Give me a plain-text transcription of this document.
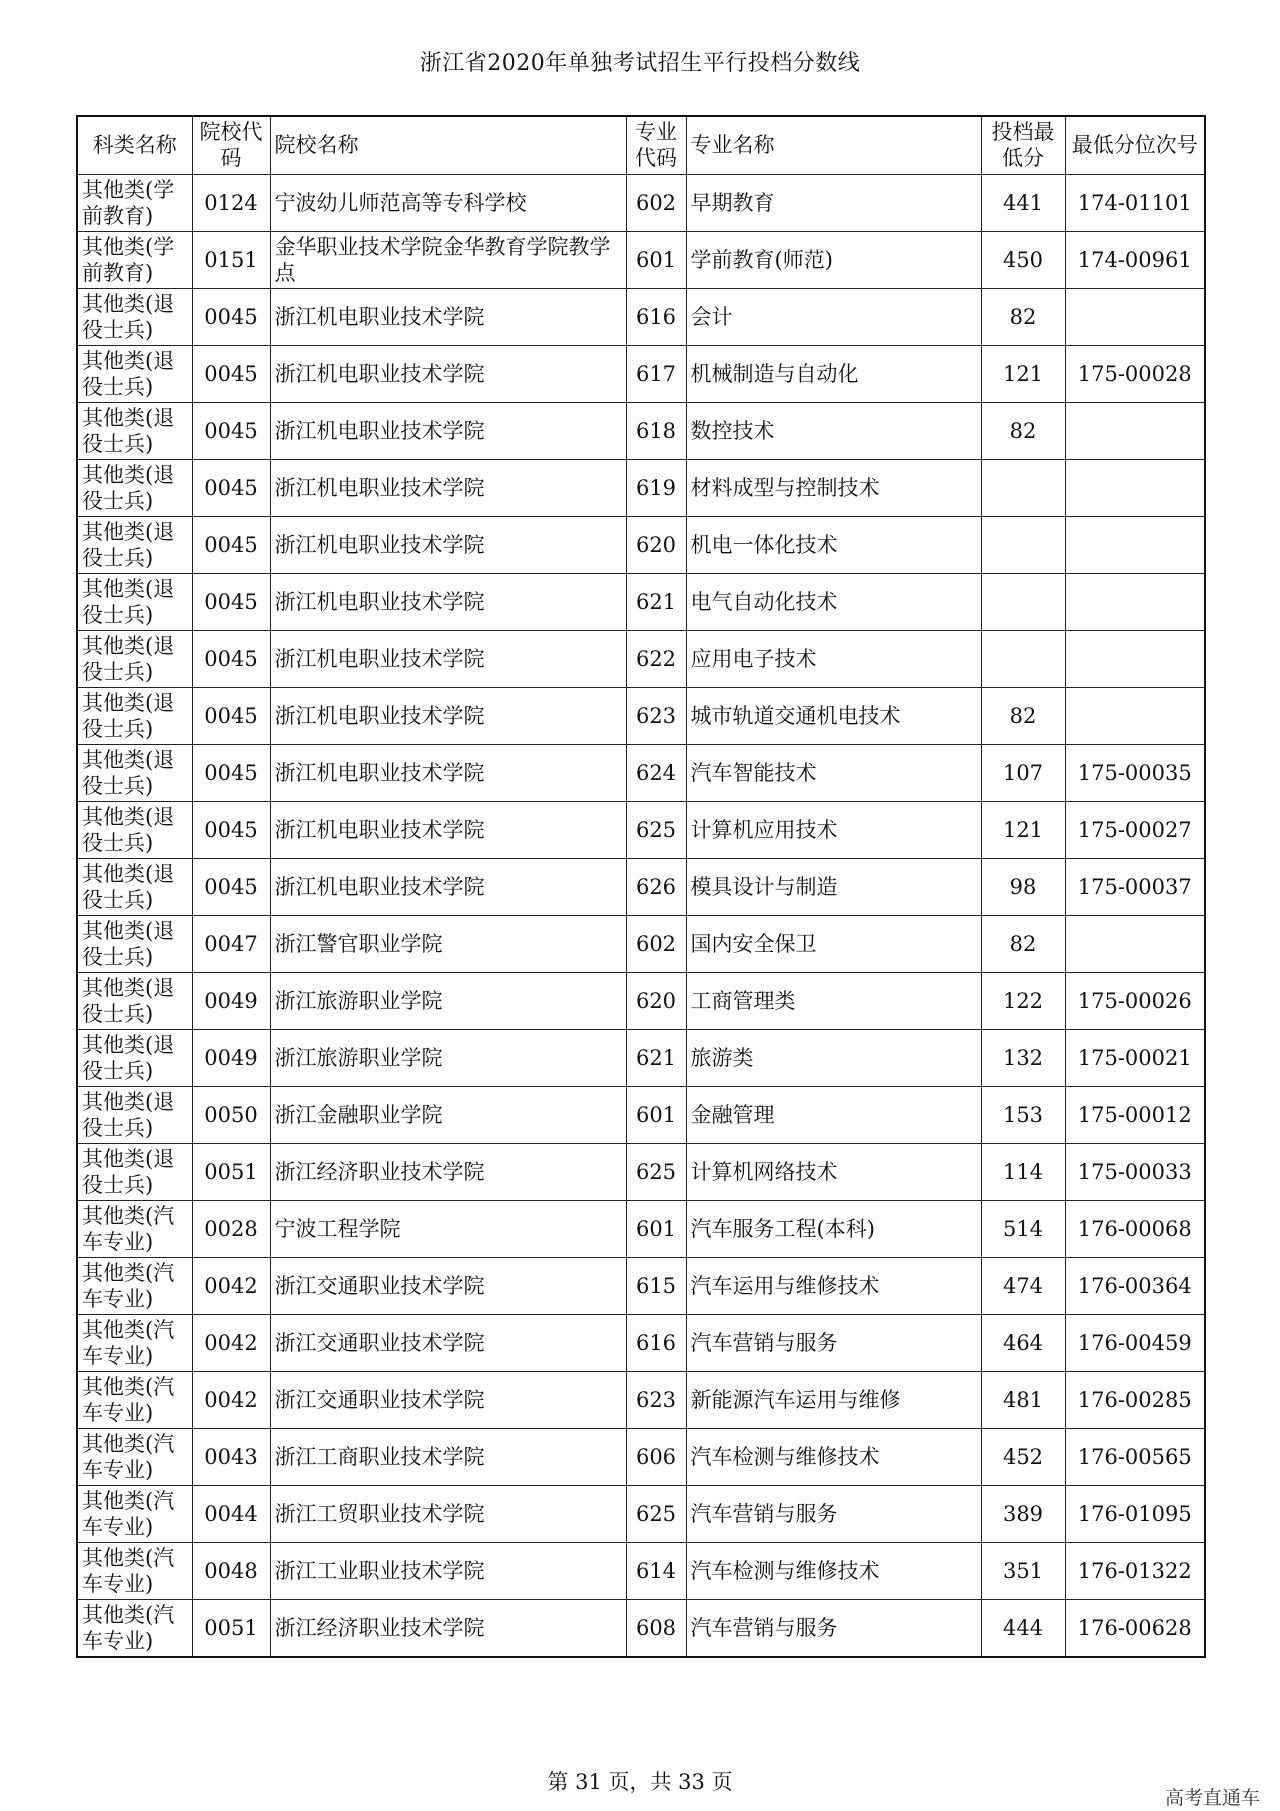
浙江省2020年单独考试招生平行投档分数线
科类名称	院校代码	院校名称	专业代码	专业名称	投档最低分	最低分位次号
其他类(学前教育)	0124	宁波幼儿师范高等专科学校	602	早期教育	441	174-01101
其他类(学前教育)	0151	金华职业技术学院金华教育学院教学点	601	学前教育(师范)	450	174-00961
其他类(退役士兵)	0045	浙江机电职业技术学院	616	会计	82	
其他类(退役士兵)	0045	浙江机电职业技术学院	617	机械制造与自动化	121	175-00028
其他类(退役士兵)	0045	浙江机电职业技术学院	618	数控技术	82	
其他类(退役士兵)	0045	浙江机电职业技术学院	619	材料成型与控制技术		
其他类(退役士兵)	0045	浙江机电职业技术学院	620	机电一体化技术		
其他类(退役士兵)	0045	浙江机电职业技术学院	621	电气自动化技术		
其他类(退役士兵)	0045	浙江机电职业技术学院	622	应用电子技术		
其他类(退役士兵)	0045	浙江机电职业技术学院	623	城市轨道交通机电技术	82	
其他类(退役士兵)	0045	浙江机电职业技术学院	624	汽车智能技术	107	175-00035
其他类(退役士兵)	0045	浙江机电职业技术学院	625	计算机应用技术	121	175-00027
其他类(退役士兵)	0045	浙江机电职业技术学院	626	模具设计与制造	98	175-00037
其他类(退役士兵)	0047	浙江警官职业学院	602	国内安全保卫	82	
其他类(退役士兵)	0049	浙江旅游职业学院	620	工商管理类	122	175-00026
其他类(退役士兵)	0049	浙江旅游职业学院	621	旅游类	132	175-00021
其他类(退役士兵)	0050	浙江金融职业学院	601	金融管理	153	175-00012
其他类(退役士兵)	0051	浙江经济职业技术学院	625	计算机网络技术	114	175-00033
其他类(汽车专业)	0028	宁波工程学院	601	汽车服务工程(本科)	514	176-00068
其他类(汽车专业)	0042	浙江交通职业技术学院	615	汽车运用与维修技术	474	176-00364
其他类(汽车专业)	0042	浙江交通职业技术学院	616	汽车营销与服务	464	176-00459
其他类(汽车专业)	0042	浙江交通职业技术学院	623	新能源汽车运用与维修	481	176-00285
其他类(汽车专业)	0043	浙江工商职业技术学院	606	汽车检测与维修技术	452	176-00565
其他类(汽车专业)	0044	浙江工贸职业技术学院	625	汽车营销与服务	389	176-01095
其他类(汽车专业)	0048	浙江工业职业技术学院	614	汽车检测与维修技术	351	176-01322
其他类(汽车专业)	0051	浙江经济职业技术学院	608	汽车营销与服务	444	176-00628
第 31 页，共 33 页
高考直通车
